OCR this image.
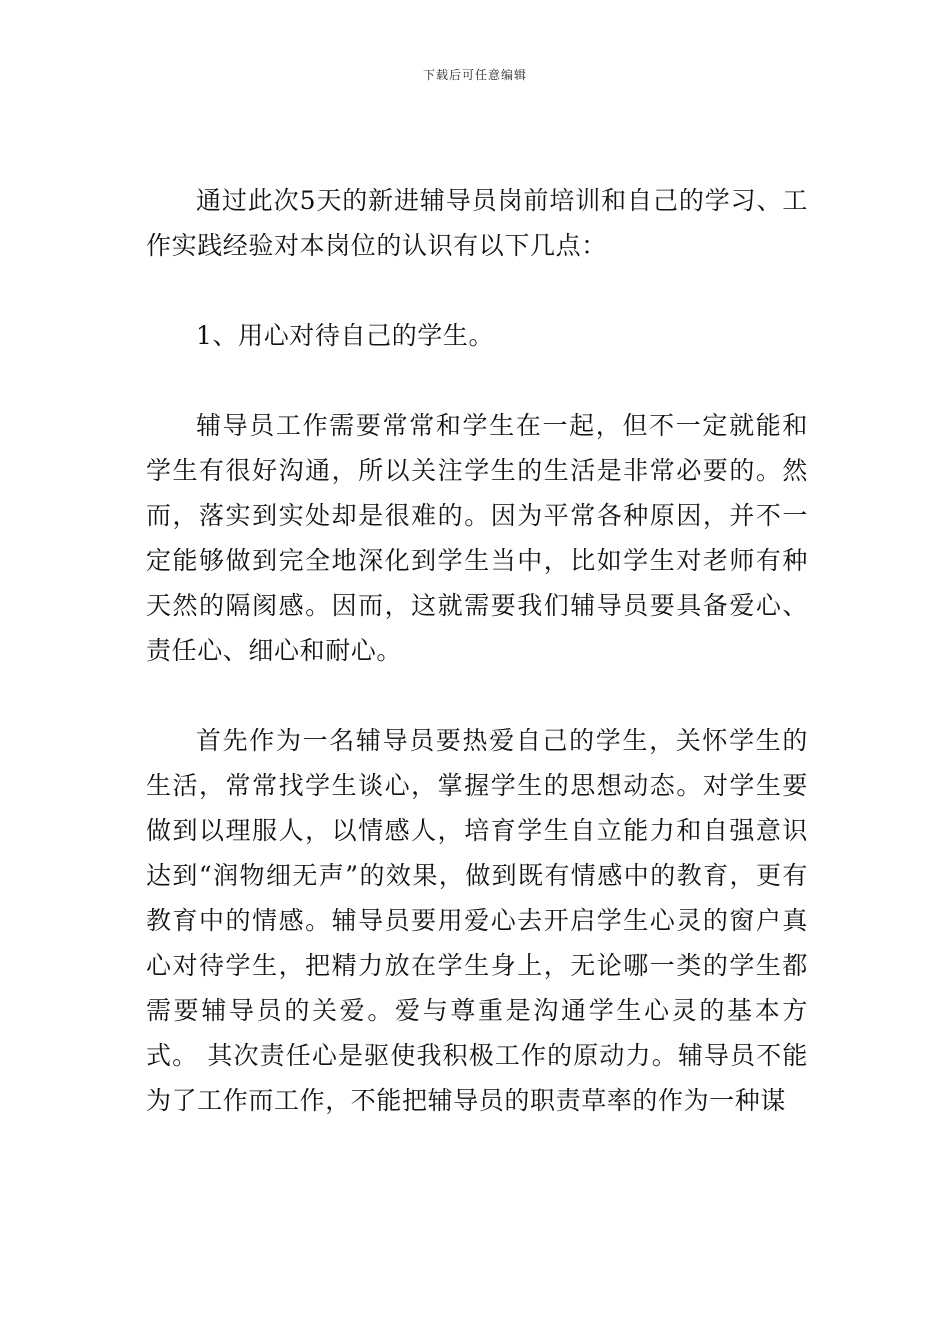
下载后可任意编辑

通过此次5天的新进辅导员岗前培训和自己的学习、工作实践经验对本岗位的认识有以下几点：

1、用心对待自己的学生。

辅导员工作需要常常和学生在一起，但不一定就能和学生有很好沟通，所以关注学生的生活是非常必要的。然而，落实到实处却是很难的。因为平常各种原因，并不一定能够做到完全地深化到学生当中，比如学生对老师有种天然的隔阂感。因而，这就需要我们辅导员要具备爱心、责任心、细心和耐心。

首先作为一名辅导员要热爱自己的学生，关怀学生的生活，常常找学生谈心，掌握学生的思想动态。对学生要做到以理服人，以情感人，培育学生自立能力和自强意识达到“润物细无声”的效果，做到既有情感中的教育，更有教育中的情感。辅导员要用爱心去开启学生心灵的窗户真心对待学生，把精力放在学生身上，无论哪一类的学生都需要辅导员的关爱。爱与尊重是沟通学生心灵的基本方式。 其次责任心是驱使我积极工作的原动力。辅导员不能为了工作而工作，不能把辅导员的职责草率的作为一种谋
